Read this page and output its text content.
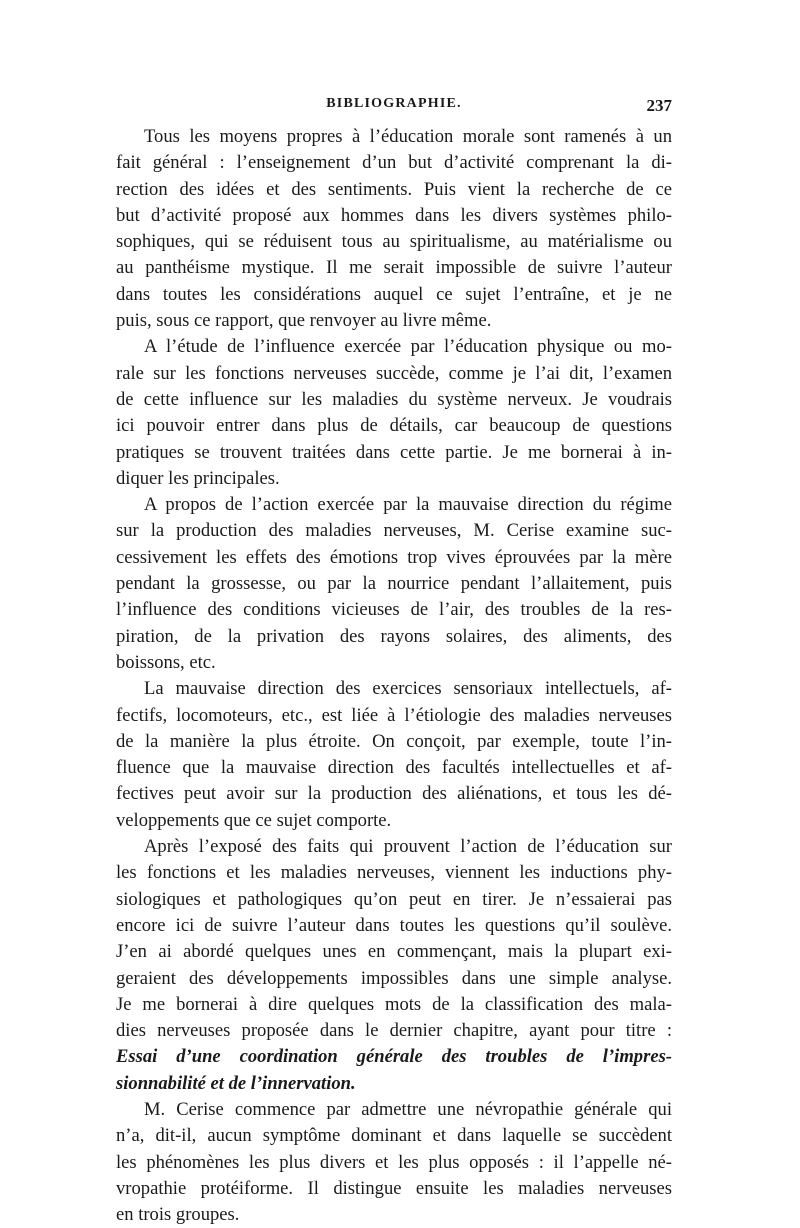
BIBLIOGRAPHIE.	237
Tous les moyens propres à l’éducation morale sont ramenés à un
fait général : l’enseignement d’un but d’activité comprenant la di-
rection des idées et des sentiments. Puis vient la recherche de ce
but d’activité proposé aux hommes dans les divers systèmes philo-
sophiques, qui se réduisent tous au spiritualisme, au matérialisme ou
au panthéisme mystique. Il me serait impossible de suivre l’auteur
dans toutes les considérations auquel ce sujet l’entraîne, et je ne
puis, sous ce rapport, que renvoyer au livre même.
A l’étude de l’influence exercée par l’éducation physique ou mo-
rale sur les fonctions nerveuses succède, comme je l’ai dit, l’examen
de cette influence sur les maladies du système nerveux. Je voudrais
ici pouvoir entrer dans plus de détails, car beaucoup de questions
pratiques se trouvent traitées dans cette partie. Je me bornerai à in-
diquer les principales.
A propos de l’action exercée par la mauvaise direction du régime
sur la production des maladies nerveuses, M. Cerise examine suc-
cessivement les effets des émotions trop vives éprouvées par la mère
pendant la grossesse, ou par la nourrice pendant l’allaitement, puis
l’influence des conditions vicieuses de l’air, des troubles de la res-
piration, de la privation des rayons solaires, des aliments, des
boissons, etc.
La mauvaise direction des exercices sensoriaux intellectuels, af-
fectifs, locomoteurs, etc., est liée à l’étiologie des maladies nerveuses
de la manière la plus étroite. On conçoit, par exemple, toute l’in-
fluence que la mauvaise direction des facultés intellectuelles et af-
fectives peut avoir sur la production des aliénations, et tous les dé-
veloppements que ce sujet comporte.
Après l’exposé des faits qui prouvent l’action de l’éducation sur
les fonctions et les maladies nerveuses, viennent les inductions phy-
siologiques et pathologiques qu’on peut en tirer. Je n’essaierai pas
encore ici de suivre l’auteur dans toutes les questions qu’il soulève.
J’en ai abordé quelques unes en commençant, mais la plupart exi-
geraient des développements impossibles dans une simple analyse.
Je me bornerai à dire quelques mots de la classification des mala-
dies nerveuses proposée dans le dernier chapitre, ayant pour titre :
Essai d’une coordination générale des troubles de l’impres-
sionnabilité et de l’innervation.
M. Cerise commence par admettre une névropathie générale qui
n’a, dit-il, aucun symptôme dominant et dans laquelle se succèdent
les phénomènes les plus divers et les plus opposés : il l’appelle né-
vropathie protéiforme. Il distingue ensuite les maladies nerveuses
en trois groupes.
